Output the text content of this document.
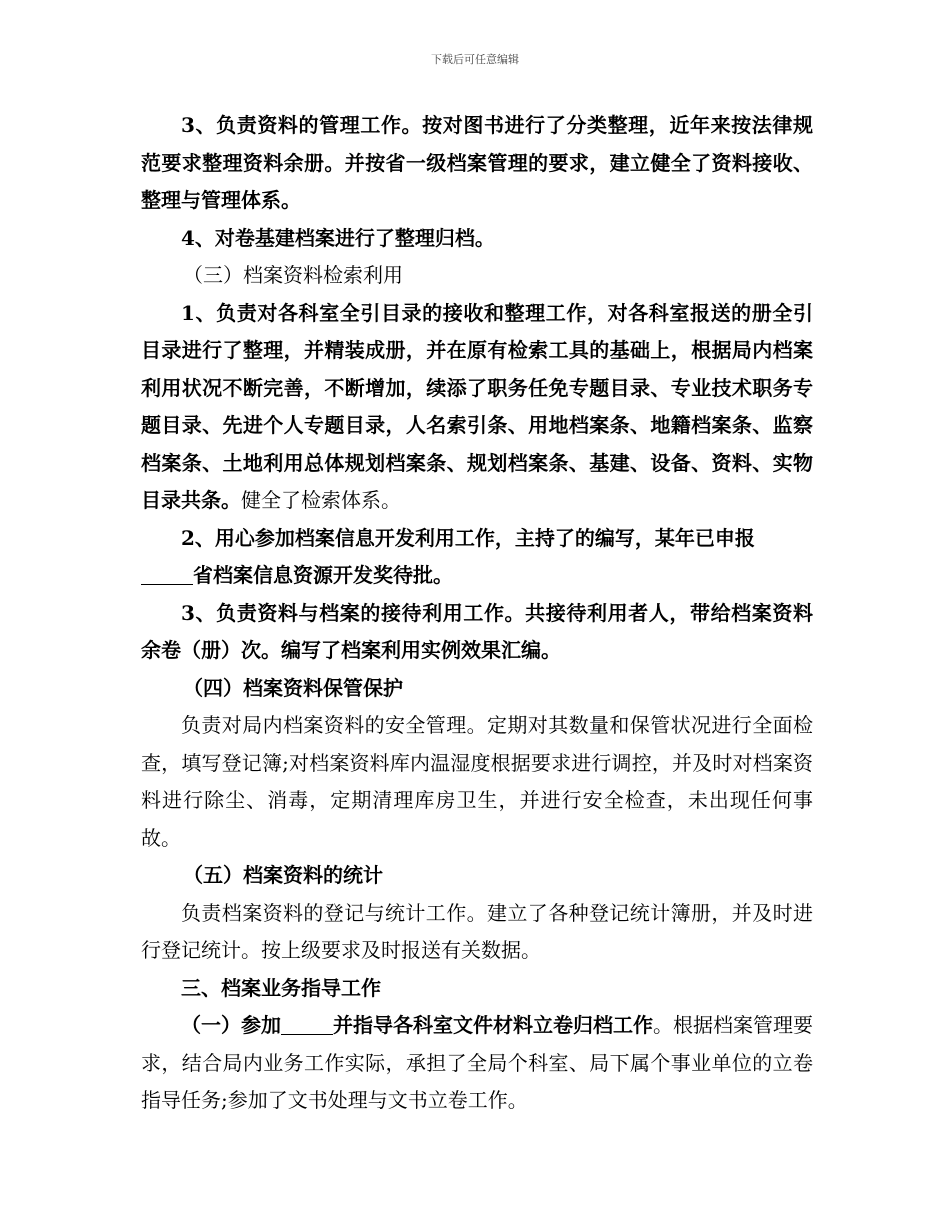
下载后可任意编辑

3、负责资料的管理工作。按对图书进行了分类整理，近年来按法律规范要求整理资料余册。并按省一级档案管理的要求，建立健全了资料接收、整理与管理体系。

4、对卷基建档案进行了整理归档。

（三）档案资料检索利用

1、负责对各科室全引目录的接收和整理工作，对各科室报送的册全引目录进行了整理，并精装成册，并在原有检索工具的基础上，根据局内档案利用状况不断完善，不断增加，续添了职务任免专题目录、专业技术职务专题目录、先进个人专题目录，人名索引条、用地档案条、地籍档案条、监察档案条、土地利用总体规划档案条、规划档案条、基建、设备、资料、实物目录共条。健全了检索体系。

2、用心参加档案信息开发利用工作，主持了的编写，某年已申报
省档案信息资源开发奖待批。

3、负责资料与档案的接待利用工作。共接待利用者人，带给档案资料余卷（册）次。编写了档案利用实例效果汇编。

（四）档案资料保管保护

负责对局内档案资料的安全管理。定期对其数量和保管状况进行全面检查，填写登记簿;对档案资料库内温湿度根据要求进行调控，并及时对档案资料进行除尘、消毒，定期清理库房卫生，并进行安全检查，未出现任何事故。

（五）档案资料的统计

负责档案资料的登记与统计工作。建立了各种登记统计簿册，并及时进行登记统计。按上级要求及时报送有关数据。

三、档案业务指导工作

（一）参加	并指导各科室文件材料立卷归档工作。根据档案管理要求，结合局内业务工作实际，承担了全局个科室、局下属个事业单位的立卷指导任务;参加了文书处理与文书立卷工作。
